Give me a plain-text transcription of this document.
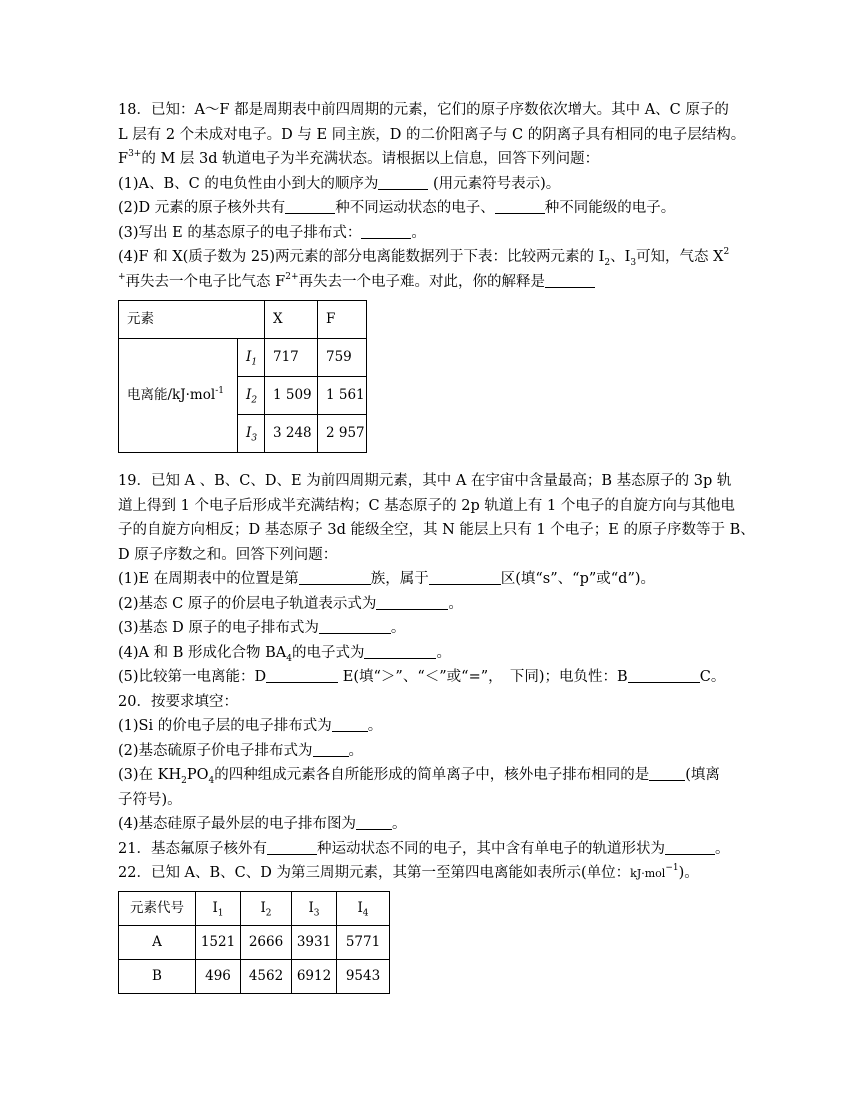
18．已知：A～F 都是周期表中前四周期的元素，它们的原子序数依次增大。其中 A、C 原子的
L 层有 2 个未成对电子。D 与 E 同主族，D 的二价阳离子与 C 的阴离子具有相同的电子层结构。
$F^{3+}$的 M 层 3d 轨道电子为半充满状态。请根据以上信息，回答下列问题：
(1)A、B、C 的电负性由小到大的顺序为	(用元素符号表示)。
(2)D 元素的原子核外共有	种不同运动状态的电子、	种不同能级的电子。
(3)写出 E 的基态原子的电子排布式：	。
(4)F 和 X(质子数为 25)两元素的部分电离能数据列于下表：比较两元素的 $I_2$、$I_3$可知，气态 $X^2$
+再失去一个电子比气态 $F^{2+}$再失去一个电子难。对此，你的解释是
元素		X	F
电离能/kJ·mol$^{-1}$	$I_1$	717	759
	$I_2$	1 509	1 561
	$I_3$	3 248	2 957
19．已知 A 、B、C、D、E 为前四周期元素，其中 A 在宇宙中含量最高；B 基态原子的 3p 轨
道上得到 1 个电子后形成半充满结构；C 基态原子的 2p 轨道上有 1 个电子的自旋方向与其他电
子的自旋方向相反；D 基态原子 3d 能级全空，其 N 能层上只有 1 个电子；E 的原子序数等于 B、
D 原子序数之和。回答下列问题：
(1)E 在周期表中的位置是第	族，属于	区(填“s”、“p”或“d”)。
(2)基态 C 原子的价层电子轨道表示式为	。
(3)基态 D 原子的电子排布式为	。
(4)A 和 B 形成化合物 $BA_4$的电子式为	。
(5)比较第一电离能：D	E(填“＞”、“＜”或“=”，　下同)；电负性：B	C。
20．按要求填空：
(1)Si 的价电子层的电子排布式为 。
(2)基态硫原子价电子排布式为 。
(3)在 $KH_2PO_4$的四种组成元素各自所能形成的简单离子中，核外电子排布相同的是 (填离
子符号)。
(4)基态硅原子最外层的电子排布图为 。
21．基态氟原子核外有	种运动状态不同的电子，其中含有单电子的轨道形状为	。
22．已知 A、B、C、D 为第三周期元素，其第一至第四电离能如表所示(单位：kJ·mol$^{-1}$)。
元素代号	$I_1$	$I_2$	$I_3$	$I_4$
A	1521	2666	3931	5771
B	496	4562	6912	9543
